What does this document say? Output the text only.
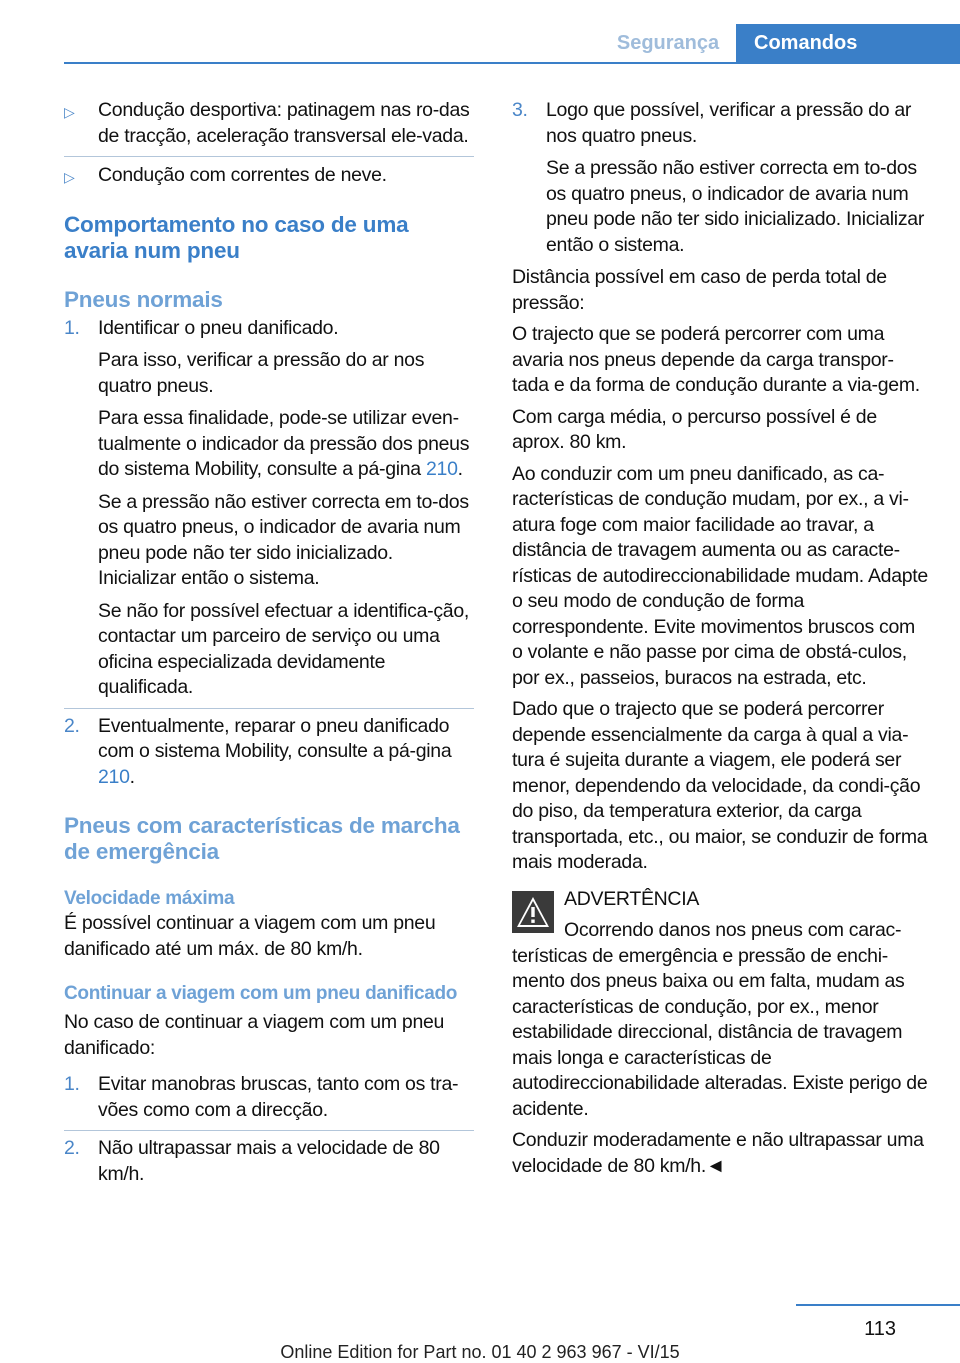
Segurança	Comandos
▷	Condução desportiva: patinagem nas ro-das de tracção, aceleração transversal ele-vada.
▷	Condução com correntes de neve.
Comportamento no caso de uma avaria num pneu
Pneus normais
1. Identificar o pneu danificado.

Para isso, verificar a pressão do ar nos quatro pneus.

Para essa finalidade, pode-se utilizar even-tualmente o indicador da pressão dos pneus do sistema Mobility, consulte a pá-gina 210.

Se a pressão não estiver correcta em to-dos os quatro pneus, o indicador de avaria num pneu pode não ter sido inicializado. Inicializar então o sistema.

Se não for possível efectuar a identifica-ção, contactar um parceiro de serviço ou uma oficina especializada devidamente qualificada.

2. Eventualmente, reparar o pneu danificado com o sistema Mobility, consulte a pá-gina 210.

Pneus com características de marcha de emergência
Velocidade máxima

É possível continuar a viagem com um pneu danificado até um máx. de 80 km/h.

Continuar a viagem com um pneu danificado

No caso de continuar a viagem com um pneu danificado:

1. Evitar manobras bruscas, tanto com os tra-vões como com a direcção.
2. Não ultrapassar mais a velocidade de 80 km/h.
3. Logo que possível, verificar a pressão do ar nos quatro pneus.

Se a pressão não estiver correcta em to-dos os quatro pneus, o indicador de avaria num pneu pode não ter sido inicializado. Inicializar então o sistema.

Distância possível em caso de perda total de pressão:

O trajecto que se poderá percorrer com uma avaria nos pneus depende da carga transpor-tada e da forma de condução durante a via-gem.

Com carga média, o percurso possível é de aprox. 80 km.

Ao conduzir com um pneu danificado, as ca-racterísticas de condução mudam, por ex., a vi-atura foge com maior facilidade ao travar, a distância de travagem aumenta ou as caracte-rísticas de autodireccionabilidade mudam. Adapte o seu modo de condução de forma correspondente. Evite movimentos bruscos com o volante e não passe por cima de obstá-culos, por ex., passeios, buracos na estrada, etc.

Dado que o trajecto que se poderá percorrer depende essencialmente da carga à qual a via-tura é sujeita durante a viagem, ele poderá ser menor, dependendo da velocidade, da condi-ção do piso, da temperatura exterior, da carga transportada, etc., ou maior, se conduzir de forma mais moderada.

ADVERTÊNCIA
Ocorrendo danos nos pneus com carac-terísticas de emergência e pressão de enchi-mento dos pneus baixa ou em falta, mudam as características de condução, por ex., menor estabilidade direccional, distância de travagem mais longa e características de autodireccionabilidade alteradas. Existe perigo de acidente.

Conduzir moderadamente e não ultrapassar uma velocidade de 80 km/h.◄

113
Online Edition for Part no. 01 40 2 963 967 - VI/15
